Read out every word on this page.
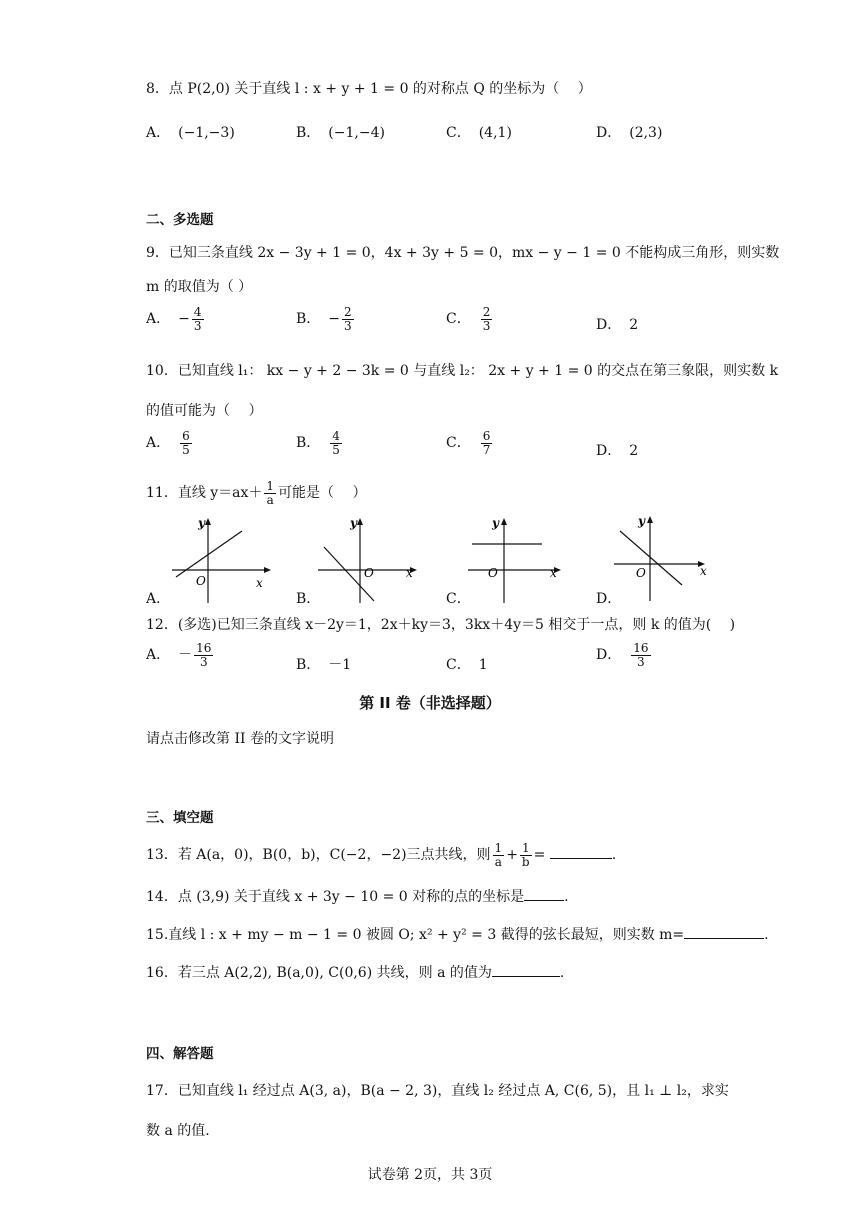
8．点 P(2,0) 关于直线 l : x + y + 1 = 0 的对称点 Q 的坐标为（　 ）
A． (−1,−3)	B． (−1,−4)	C． (4,1)	D． (2,3)
二、多选题
9．已知三条直线 2x − 3y + 1 = 0，4x + 3y + 5 = 0，mx − y − 1 = 0 不能构成三角形，则实数
m 的取值为（ ）
A． − $\frac{4}{3}$	B． − $\frac{2}{3}$	C． $\frac{2}{3}$	D． 2
10．已知直线 l₁： kx − y + 2 − 3k = 0 与直线 l₂： 2x + y + 1 = 0 的交点在第三象限，则实数 k
的值可能为（　 ）
A． $\frac{6}{5}$	B． $\frac{4}{5}$	C． $\frac{6}{7}$	D． 2
11．直线 $y=ax+ \frac{1}{a}$ 可能是（　 ）
y
x
O
y
x
O
y
x
O
y
x
O
A．	B．	C．	D．
12．(多选)已知三条直线 x－2y＝1，2x＋ky＝3，3kx＋4y＝5 相交于一点，则 k 的值为(　 )
A． － $\frac{16}{3}$	B． －1	C． 1
D． $\frac{16}{3}$
第 II 卷（非选择题）
请点击修改第 II 卷的文字说明
三、填空题
13．若 A(a，0)，B(0，b)，C(−2，−2)三点共线，则 $\frac{1}{a} + \frac{1}{b}$ =	.
14．点 (3,9) 关于直线 x + 3y − 10 = 0 对称的点的坐标是	.
15.直线 l : x + my − m − 1 = 0 被圆 O; x² + y² = 3 截得的弦长最短，则实数 m=	.
16．若三点 A(2,2), B(a,0), C(0,6) 共线，则 a 的值为	.
四、解答题
17．已知直线 l₁ 经过点 A(3, a)，B(a − 2, 3)，直线 l₂ 经过点 A, C(6, 5)，且 l₁ ⊥ l₂，求实
数 a 的值.
试卷第 2页，共 3页
